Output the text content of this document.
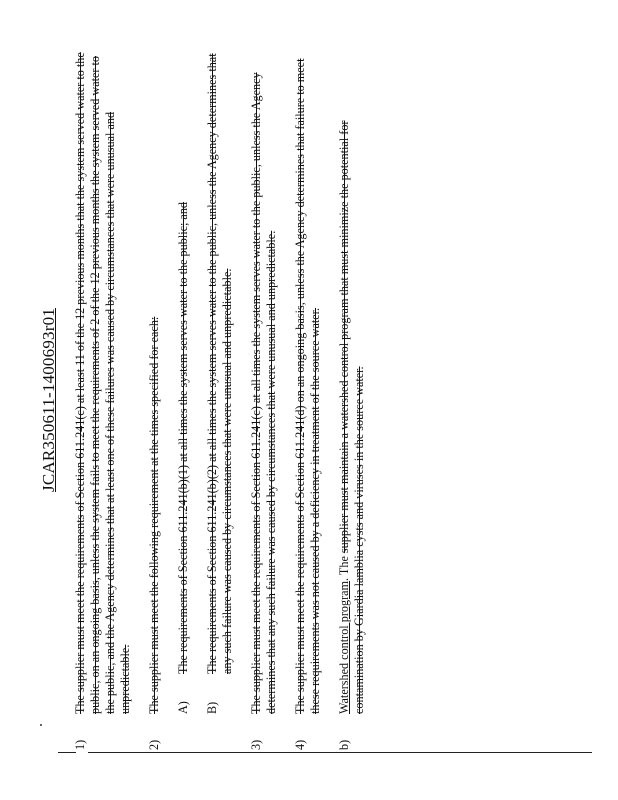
JCAR350611-1400693r01
1)
The supplier must meet the requirements of Section 611.241(c) at least 11 of the 12 previous months that the system served water to the public, on an ongoing basis, unless the system fails to meet the requirements of 2 of the 12 previous months the system served water to the public, and the Agency determines that at least one of these failures was caused by circumstances that were unusual and unpredictable.
2)
The supplier must meet the following requirement at the times specified for each: A)
The requirements of Section 611.241(b)(1) at all times the system serves water to the public; and
B)
The requirements of Section 611.241(b)(2) at all times the system serves water to the public, unless the Agency determines that any such failure was caused by circumstances that were unusual and unpredictable.
3)
The supplier must meet the requirements of Section 611.241(c) at all times the system serves water to the public, unless the Agency determines that any such failure was caused by circumstances that were unusual and unpredictable.
4)
The supplier must meet the requirements of Section 611.241(d) on an ongoing basis, unless the Agency determines that failure to meet these requirements was not caused by a deficiency in treatment of the source water.
b)
Watershed control program. The supplier must maintain a watershed control program that must minimize the potential for contamination by Giardia lamblia cysts and viruses in the source water.
